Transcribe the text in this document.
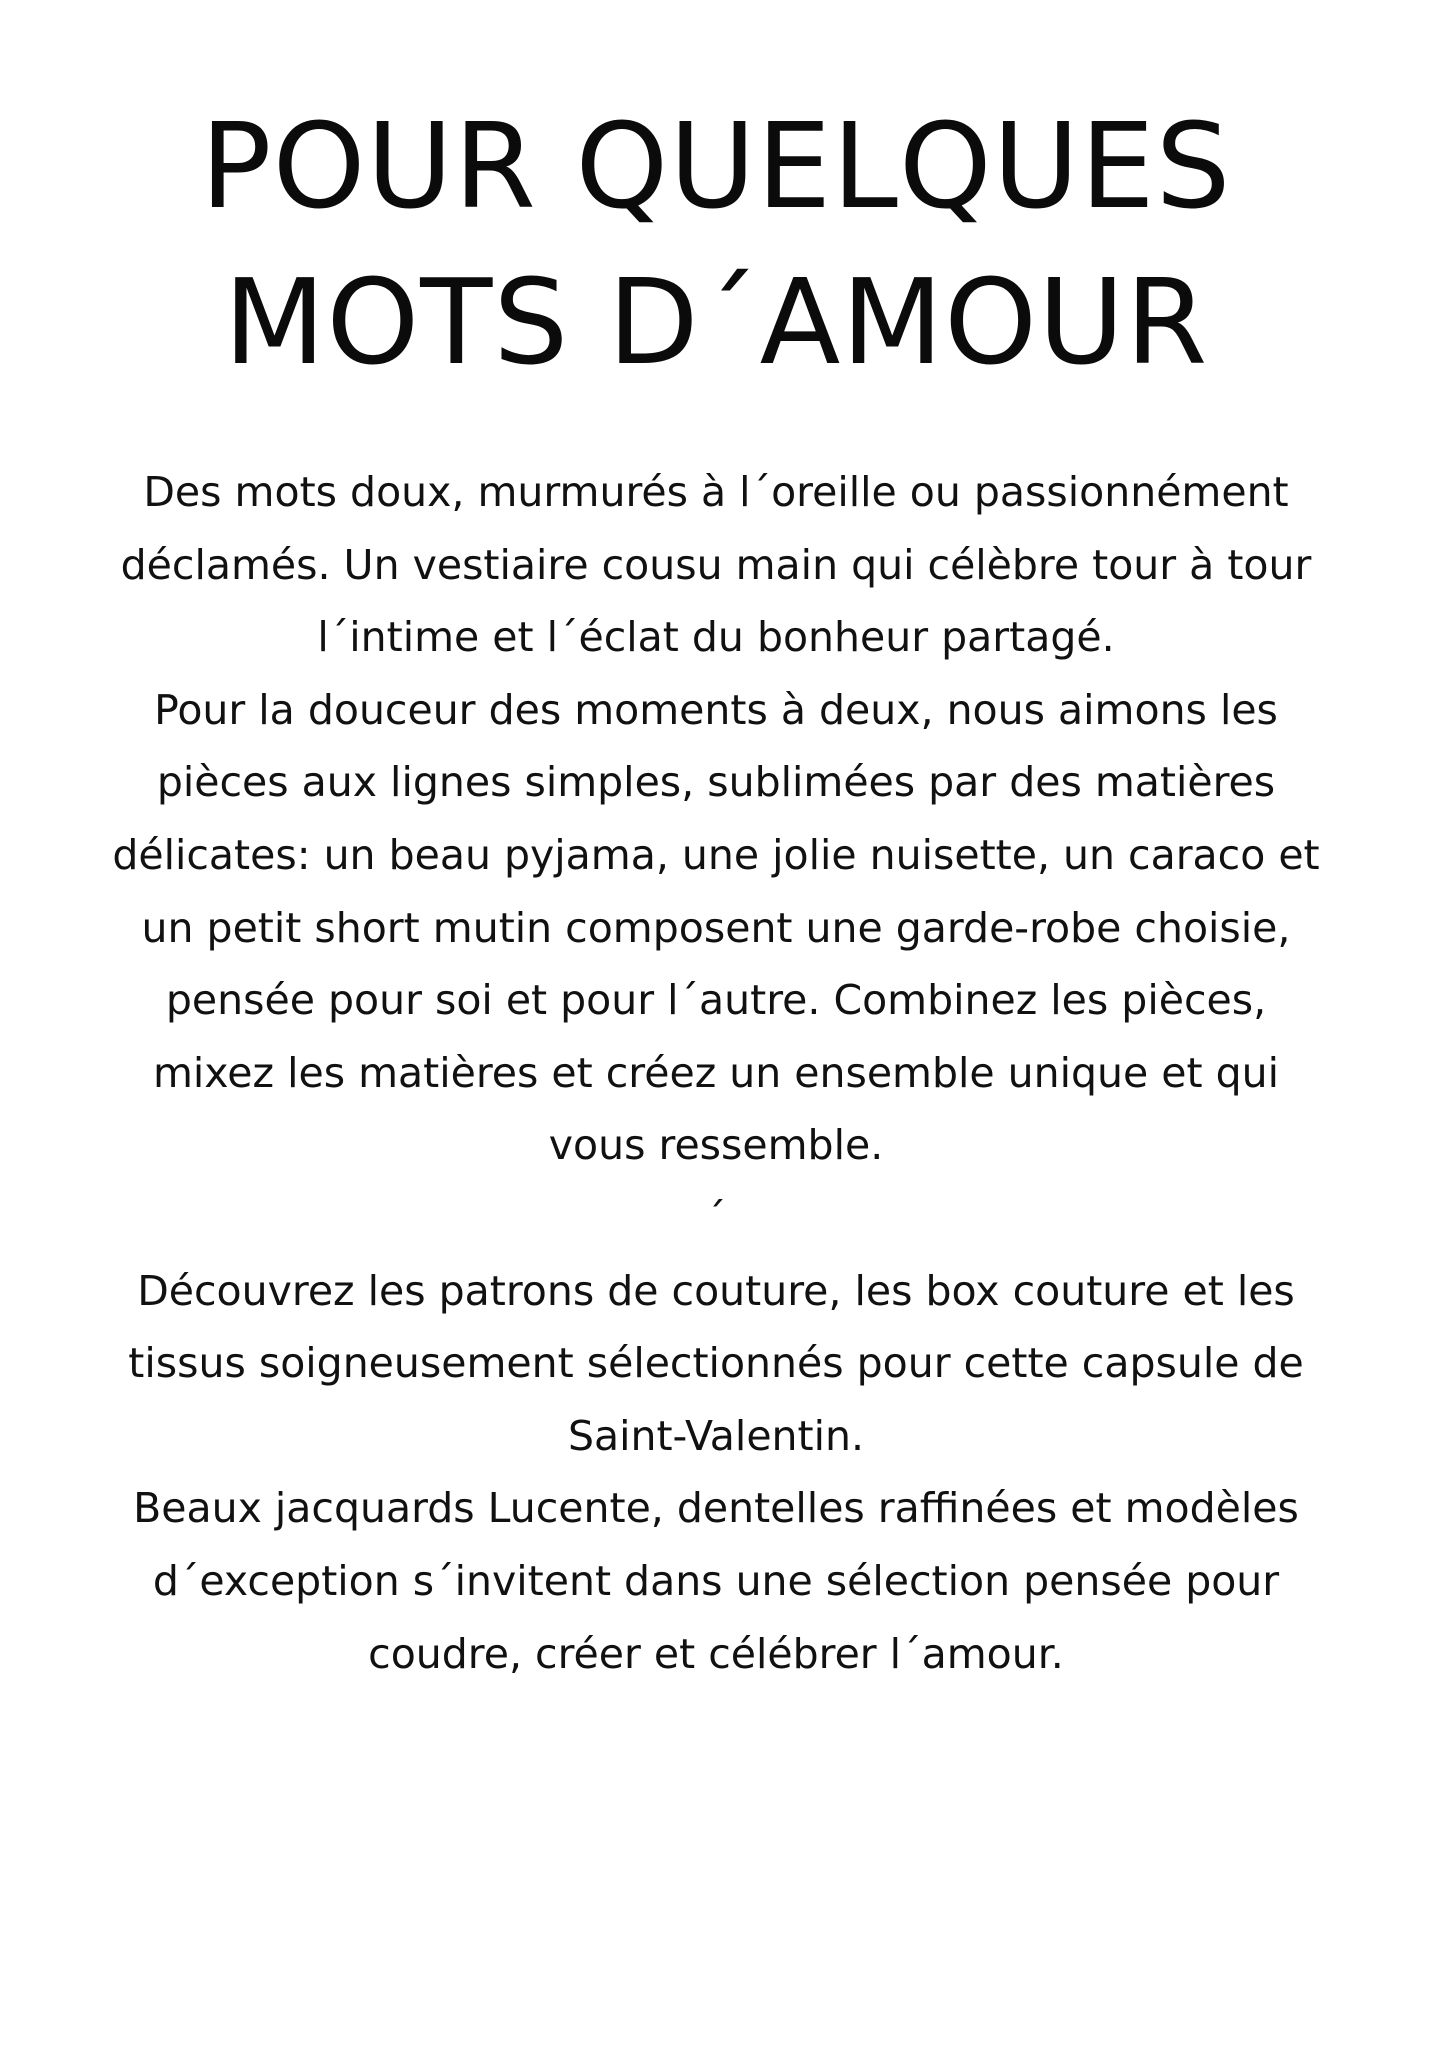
POUR QUELQUES
MOTS D´AMOUR
Des mots doux, murmurés à l´oreille ou passionnément
déclamés. Un vestiaire cousu main qui célèbre tour à tour
l´intime et l´éclat du bonheur partagé.
Pour la douceur des moments à deux, nous aimons les
pièces aux lignes simples, sublimées par des matières
délicates: un beau pyjama, une jolie nuisette, un caraco et
un petit short mutin composent une garde-robe choisie,
pensée pour soi et pour l´autre. Combinez les pièces,
mixez les matières et créez un ensemble unique et qui
vous ressemble.
´
Découvrez les patrons de couture, les box couture et les
tissus soigneusement sélectionnés pour cette capsule de
Saint-Valentin.
Beaux jacquards Lucente, dentelles raffinées et modèles
d´exception s´invitent dans une sélection pensée pour
coudre, créer et célébrer l´amour.
